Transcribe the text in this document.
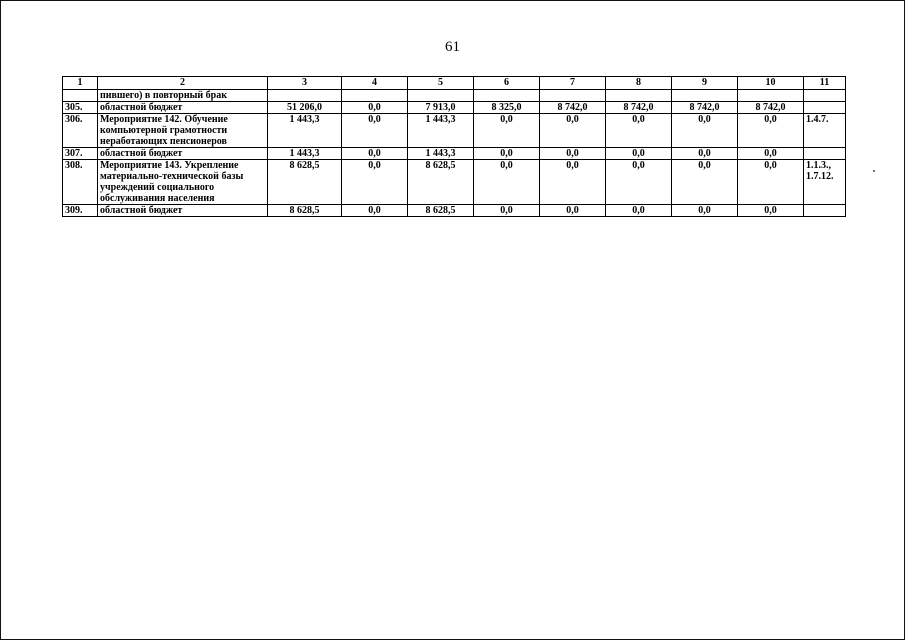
61
1	2	3	4	5	6	7	8	9	10	11
	пившего) в повторный брак									
305.	областной бюджет	51 206,0	0,0	7 913,0	8 325,0	8 742,0	8 742,0	8 742,0	8 742,0	
306.	Мероприятие 142. Обучение компьютерной грамотности неработающих пенсионеров	1 443,3	0,0	1 443,3	0,0	0,0	0,0	0,0	0,0	1.4.7.
307.	областной бюджет	1 443,3	0,0	1 443,3	0,0	0,0	0,0	0,0	0,0	
308.	Мероприятие 143. Укрепление материально-технической базы учреждений социального обслуживания населения	8 628,5	0,0	8 628,5	0,0	0,0	0,0	0,0	0,0	1.1.3.,
1.7.12.
309.	областной бюджет	8 628,5	0,0	8 628,5	0,0	0,0	0,0	0,0	0,0	
